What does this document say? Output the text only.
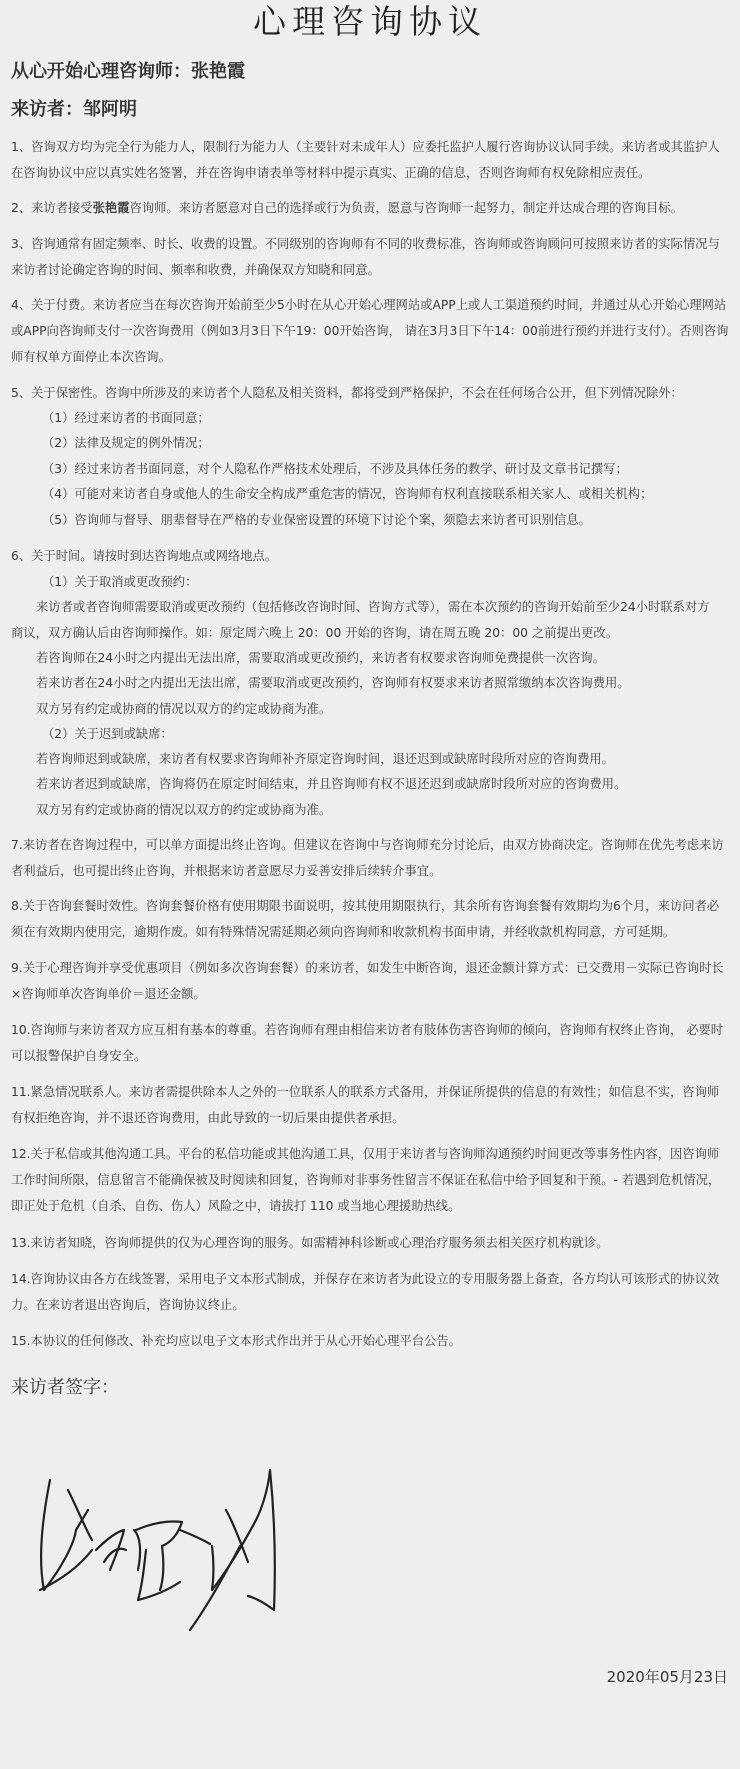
心理咨询协议
从心开始心理咨询师：张艳霞
来访者：邹阿明

1、咨询双方均为完全行为能力人，限制行为能力人（主要针对未成年人）应委托监护人履行咨询协议认同手续。来访者或其监护人在咨询协议中应以真实姓名签署，并在咨询申请表单等材料中提示真实、正确的信息，否则咨询师有权免除相应责任。

2、来访者接受张艳霞咨询师。来访者愿意对自己的选择或行为负责，愿意与咨询师一起努力，制定并达成合理的咨询目标。

3、咨询通常有固定频率、时长、收费的设置。不同级别的咨询师有不同的收费标准，咨询师或咨询顾问可按照来访者的实际情况与来访者讨论确定咨询的时间、频率和收费，并确保双方知晓和同意。

4、关于付费。来访者应当在每次咨询开始前至少5小时在从心开始心理网站或APP上或人工渠道预约时间，并通过从心开始心理网站或APP向咨询师支付一次咨询费用（例如3月3日下午19：00开始咨询， 请在3月3日下午14：00前进行预约并进行支付）。否则咨询师有权单方面停止本次咨询。

5、关于保密性。咨询中所涉及的来访者个人隐私及相关资料，都将受到严格保护，不会在任何场合公开，但下列情况除外：

（1）经过来访者的书面同意；
（2）法律及规定的例外情况；
（3）经过来访者书面同意，对个人隐私作严格技术处理后，不涉及具体任务的教学、研讨及文章书记撰写；
（4）可能对来访者自身或他人的生命安全构成严重危害的情况，咨询师有权利直接联系相关家人、或相关机构；
（5）咨询师与督导、朋辈督导在严格的专业保密设置的环境下讨论个案，须隐去来访者可识别信息。

6、关于时间。请按时到达咨询地点或网络地点。

（1）关于取消或更改预约：
来访者或者咨询师需要取消或更改预约（包括修改咨询时间、咨询方式等），需在本次预约的咨询开始前至少24小时联系对方
商议，双方确认后由咨询师操作。如：原定周六晚上 20：00 开始的咨询，请在周五晚 20：00 之前提出更改。
若咨询师在24小时之内提出无法出席，需要取消或更改预约，来访者有权要求咨询师免费提供一次咨询。
若来访者在24小时之内提出无法出席，需要取消或更改预约，咨询师有权要求来访者照常缴纳本次咨询费用。
双方另有约定或协商的情况以双方的约定或协商为准。
（2）关于迟到或缺席：
若咨询师迟到或缺席，来访者有权要求咨询师补齐原定咨询时间，退还迟到或缺席时段所对应的咨询费用。
若来访者迟到或缺席，咨询将仍在原定时间结束，并且咨询师有权不退还迟到或缺席时段所对应的咨询费用。
双方另有约定或协商的情况以双方的约定或协商为准。

7.来访者在咨询过程中，可以单方面提出终止咨询。但建议在咨询中与咨询师充分讨论后，由双方协商决定。咨询师在优先考虑来访者利益后，也可提出终止咨询，并根据来访者意愿尽力妥善安排后续转介事宜。

8.关于咨询套餐时效性。咨询套餐价格有使用期限书面说明，按其使用期限执行，其余所有咨询套餐有效期均为6个月，来访问者必须在有效期内使用完，逾期作废。如有特殊情况需延期必须向咨询师和收款机构书面申请，并经收款机构同意，方可延期。

9.关于心理咨询并享受优惠项目（例如多次咨询套餐）的来访者，如发生中断咨询，退还金额计算方式：已交费用－实际已咨询时长×咨询师单次咨询单价＝退还金额。

10.咨询师与来访者双方应互相有基本的尊重。若咨询师有理由相信来访者有肢体伤害咨询师的倾向，咨询师有权终止咨询， 必要时可以报警保护自身安全。

11.紧急情况联系人。来访者需提供除本人之外的一位联系人的联系方式备用，并保证所提供的信息的有效性；如信息不实，咨询师有权拒绝咨询，并不退还咨询费用，由此导致的一切后果由提供者承担。

12.关于私信或其他沟通工具。平台的私信功能或其他沟通工具，仅用于来访者与咨询师沟通预约时间更改等事务性内容，因咨询师工作时间所限，信息留言不能确保被及时阅读和回复，咨询师对非事务性留言不保证在私信中给予回复和干预。- 若遇到危机情况，即正处于危机（自杀、自伤、伤人）风险之中，请拔打 110 或当地心理援助热线。

13.来访者知晓，咨询师提供的仅为心理咨询的服务。如需精神科诊断或心理治疗服务须去相关医疗机构就诊。

14.咨询协议由各方在线签署，采用电子文本形式制成，并保存在来访者为此设立的专用服务器上备查，各方均认可该形式的协议效力。在来访者退出咨询后，咨询协议终止。

15.本协议的任何修改、补充均应以电子文本形式作出并于从心开始心理平台公告。

来访者签字：
2020年05月23日
